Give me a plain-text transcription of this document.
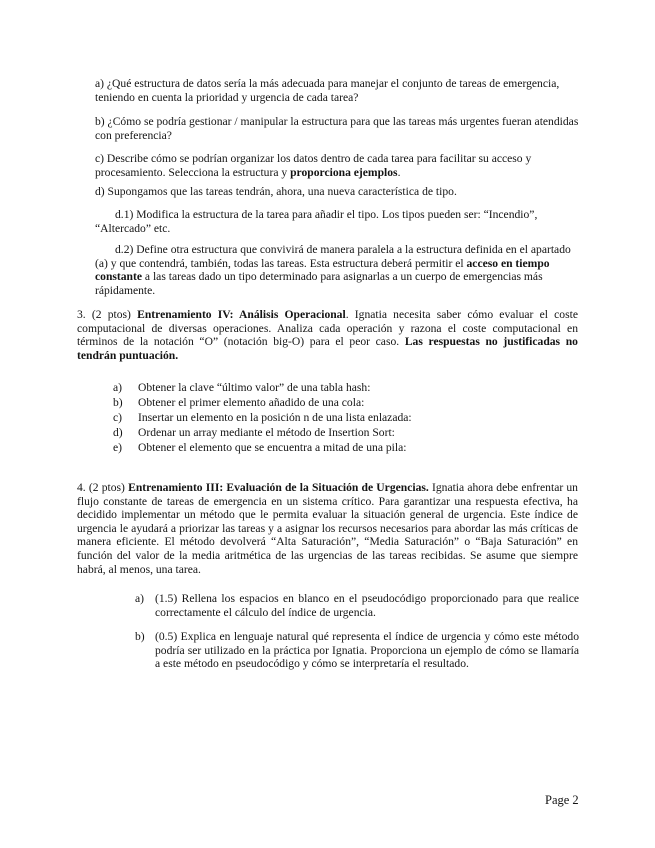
a) ¿Qué estructura de datos sería la más adecuada para manejar el conjunto de tareas de emergencia, teniendo en cuenta la prioridad y urgencia de cada tarea?

b) ¿Cómo se podría gestionar / manipular la estructura para que las tareas más urgentes fueran atendidas con preferencia?

c) Describe cómo se podrían organizar los datos dentro de cada tarea para facilitar su acceso y procesamiento. Selecciona la estructura y proporciona ejemplos.

d) Supongamos que las tareas tendrán, ahora, una nueva característica de tipo.

d.1) Modifica la estructura de la tarea para añadir el tipo. Los tipos pueden ser: “Incendio”, “Altercado” etc.

d.2) Define otra estructura que convivirá de manera paralela a la estructura definida en el apartado (a) y que contendrá, también, todas las tareas. Esta estructura deberá permitir el acceso en tiempo constante a las tareas dado un tipo determinado para asignarlas a un cuerpo de emergencias más rápidamente.

3. (2 ptos) Entrenamiento IV: Análisis Operacional. Ignatia necesita saber cómo evaluar el coste computacional de diversas operaciones. Analiza cada operación y razona el coste computacional en términos de la notación “O” (notación big-O) para el peor caso. Las respuestas no justificadas no tendrán puntuación.

a) Obtener la clave “último valor” de una tabla hash:
b) Obtener el primer elemento añadido de una cola:
c) Insertar un elemento en la posición n de una lista enlazada:
d) Ordenar un array mediante el método de Insertion Sort:
e) Obtener el elemento que se encuentra a mitad de una pila:

4. (2 ptos) Entrenamiento III: Evaluación de la Situación de Urgencias. Ignatia ahora debe enfrentar un flujo constante de tareas de emergencia en un sistema crítico. Para garantizar una respuesta efectiva, ha decidido implementar un método que le permita evaluar la situación general de urgencia. Este índice de urgencia le ayudará a priorizar las tareas y a asignar los recursos necesarios para abordar las más críticas de manera eficiente. El método devolverá “Alta Saturación”, “Media Saturación” o “Baja Saturación” en función del valor de la media aritmética de las urgencias de las tareas recibidas. Se asume que siempre habrá, al menos, una tarea.

a) (1.5) Rellena los espacios en blanco en el pseudocódigo proporcionado para que realice correctamente el cálculo del índice de urgencia.
b) (0.5) Explica en lenguaje natural qué representa el índice de urgencia y cómo este método podría ser utilizado en la práctica por Ignatia. Proporciona un ejemplo de cómo se llamaría a este método en pseudocódigo y cómo se interpretaría el resultado.
Page 2
